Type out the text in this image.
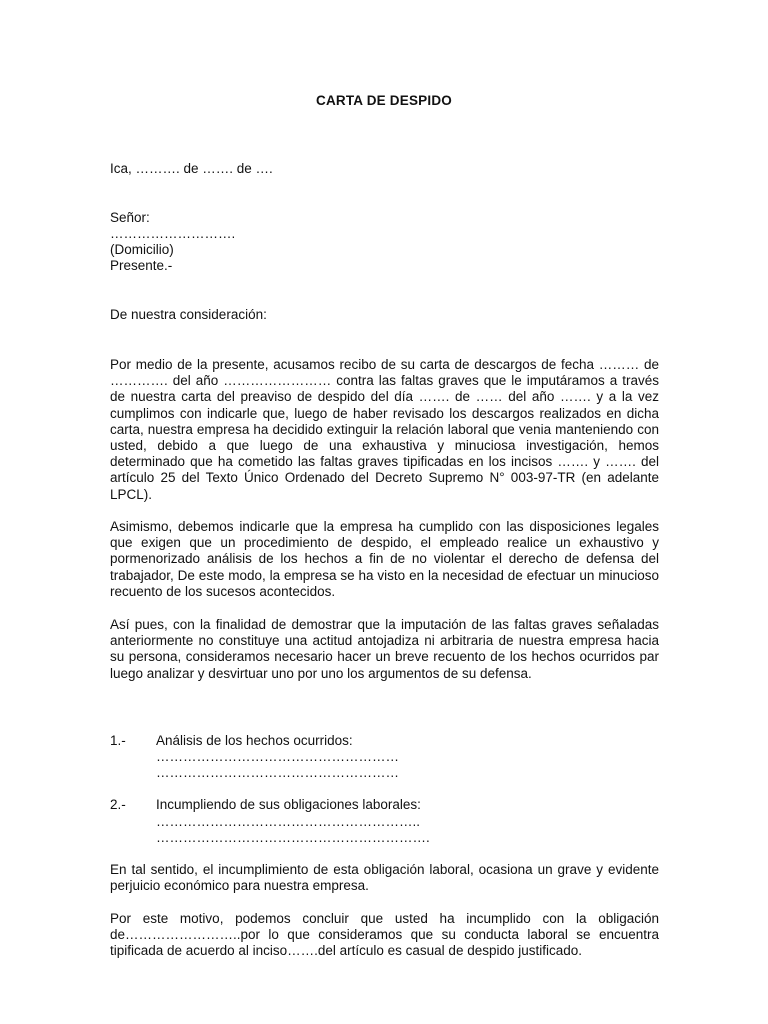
CARTA DE DESPIDO
Ica, ………. de ……. de ….
Señor:
……………………….
(Domicilio)
Presente.-
De nuestra consideración:
Por medio de la presente, acusamos recibo de su carta de descargos de fecha ……… de …………. del año …………………… contra las faltas graves que le imputáramos a través de nuestra carta del preaviso de despido del día ……. de …… del año ……. y a la vez cumplimos con indicarle que, luego de haber revisado los descargos realizados en dicha carta, nuestra empresa ha decidido extinguir la relación laboral que venia manteniendo con usted, debido a que luego de una exhaustiva y minuciosa investigación, hemos determinado que ha cometido las faltas graves tipificadas en los incisos ……. y ……. del artículo 25 del Texto Único Ordenado del Decreto Supremo N° 003-97-TR (en adelante LPCL).
Asimismo, debemos indicarle que la empresa ha cumplido con las disposiciones legales que exigen que un procedimiento de despido, el empleado realice un exhaustivo y pormenorizado análisis de los hechos a fin de no violentar el derecho de defensa del trabajador, De este modo, la empresa se ha visto en la necesidad de efectuar un minucioso recuento de los sucesos acontecidos.
Así pues, con la finalidad de demostrar que la imputación de las faltas graves señaladas anteriormente no constituye una actitud antojadiza ni arbitraria de nuestra empresa hacia su persona, consideramos necesario hacer un breve recuento de los hechos ocurridos par luego analizar y desvirtuar uno por uno los argumentos de su defensa.
1.- Análisis de los hechos ocurridos:
………………………………………………
………………………………………………
2.- Incumpliendo de sus obligaciones laborales:
…………………………………………………..
…………………………………………………….
En tal sentido, el incumplimiento de esta obligación laboral, ocasiona un grave y evidente perjuicio económico para nuestra empresa.
Por este motivo, podemos concluir que usted ha incumplido con la obligación de……………………..por lo que consideramos que su conducta laboral se encuentra tipificada de acuerdo al inciso…….del artículo es casual de despido justificado.
